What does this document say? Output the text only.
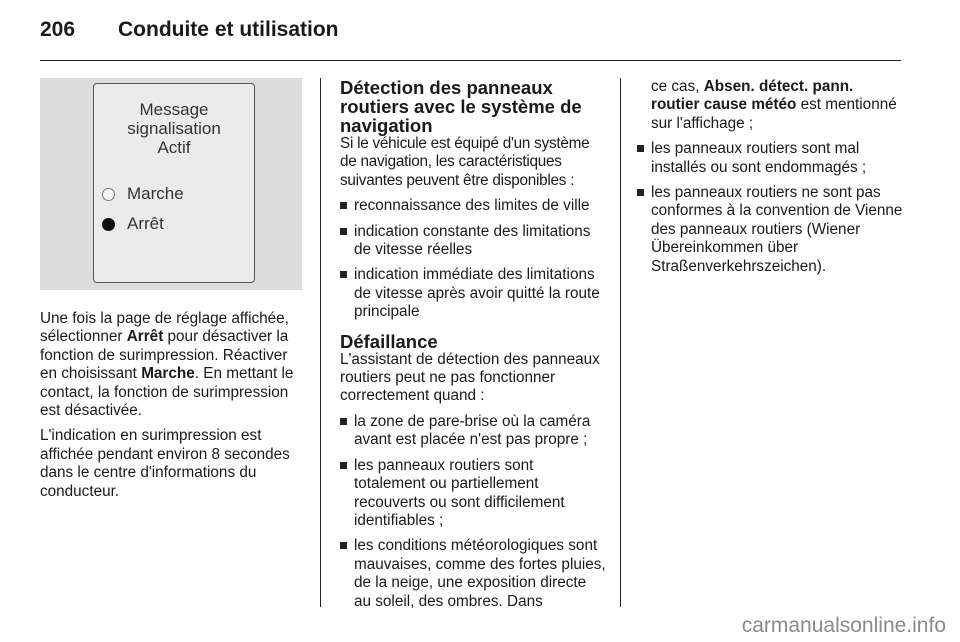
206 Conduite et utilisation
Message
signalisation
Actif
Marche
Arrêt

Une fois la page de réglage affichée, sélectionner Arrêt pour désactiver la fonction de surimpression. Réactiver en choisissant Marche. En mettant le contact, la fonction de surimpression est désactivée.

L'indication en surimpression est affichée pendant environ 8 secondes dans le centre d'informations du conducteur.

Détection des panneaux routiers avec le système de navigation

Si le véhicule est équipé d'un système de navigation, les caractéristiques suivantes peuvent être disponibles :

reconnaissance des limites de ville
indication constante des limitations de vitesse réelles
indication immédiate des limitations de vitesse après avoir quitté la route principale
Défaillance

L'assistant de détection des panneaux routiers peut ne pas fonctionner correctement quand :

la zone de pare-brise où la caméra avant est placée n'est pas propre ;
les panneaux routiers sont totalement ou partiellement recouverts ou sont difficilement identifiables ;
les conditions météorologiques sont mauvaises, comme des fortes pluies, de la neige, une exposition directe au soleil, des ombres. Dans

ce cas, Absen. détect. pann. routier cause météo est mentionné sur l'affichage ;

les panneaux routiers sont mal installés ou sont endommagés ;
les panneaux routiers ne sont pas conformes à la convention de Vienne des panneaux routiers (Wiener Übereinkommen über Straßenverkehrszeichen).
carmanualsonline.info
